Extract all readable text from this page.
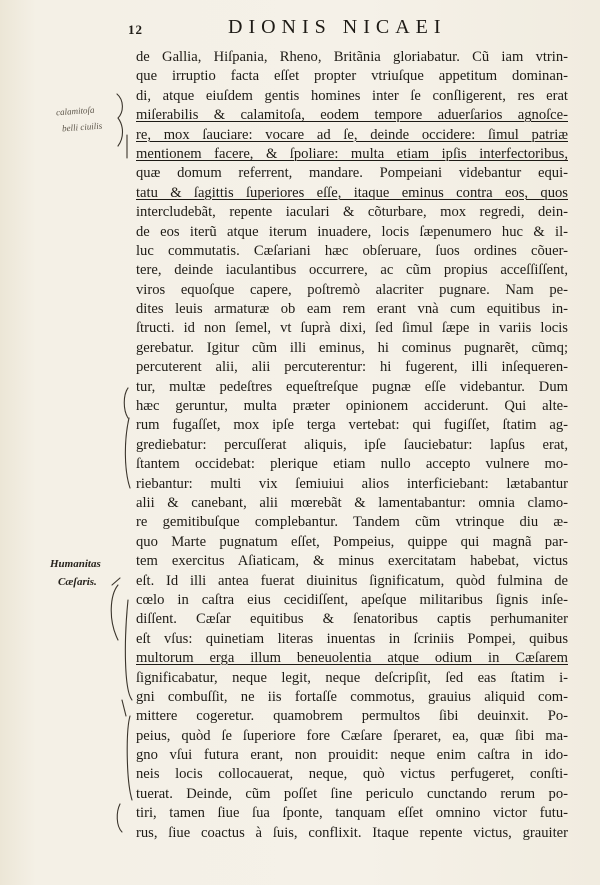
12	DIONIS NICAEI
de Gallia, Hiſpania, Rheno, Britãnia gloriabatur. Cũ iam vtrin-
que irruptio facta eſſet propter vtriuſque appetitum dominan-
di, atque eiuſdem gentis homines inter ſe conſligerent, res erat
miſerabilis & calamitoſa, eodem tempore aduerſarios agnoſce-
re, mox ſauciare: vocare ad ſe, deinde occidere: ſimul patriæ
mentionem facere, & ſpoliare: multa etiam ipſis interfectoribus,
quæ domum referrent, mandare. Pompeiani videbantur equi-
tatu & ſagittis ſuperiores eſſe, itaque eminus contra eos, quos
intercludebãt, repente iaculari & cõturbare, mox regredi, dein-
de eos iterũ atque iterum inuadere, locis ſæpenumero huc & il-
luc commutatis. Cæſariani hæc obſeruare, ſuos ordines cõuer-
tere, deinde iaculantibus occurrere, ac cũm propius acceſſiſſent,
viros equoſque capere, poſtremò alacriter pugnare. Nam pe-
dites leuis armaturæ ob eam rem erant vnà cum equitibus in-
ſtructi. id non ſemel, vt ſuprà dixi, ſed ſimul ſæpe in variis locis
gerebatur. Igitur cũm illi eminus, hi cominus pugnarẽt, cũmq;
percuterent alii, alii percuterentur: hi fugerent, illi inſequeren-
tur, multæ pedeſtres equeſtreſque pugnæ eſſe videbantur. Dum
hæc geruntur, multa præter opinionem acciderunt. Qui alte-
rum fugaſſet, mox ipſe terga vertebat: qui fugiſſet, ſtatim ag-
grediebatur: percuſſerat aliquis, ipſe ſauciebatur: lapſus erat,
ſtantem occidebat: plerique etiam nullo accepto vulnere mo-
riebantur: multi vix ſemiuiui alios interficiebant: lætabantur
alii & canebant, alii mœrebãt & lamentabantur: omnia clamo-
re gemitibuſque complebantur. Tandem cũm vtrinque diu æ-
quo Marte pugnatum eſſet, Pompeius, quippe qui magnã par-
tem exercitus Aſiaticam, & minus exercitatam habebat, victus
eſt. Id illi antea fuerat diuinitus ſignificatum, quòd fulmina de
cœlo in caſtra eius cecidiſſent, apeſque militaribus ſignis inſe-
diſſent. Cæſar equitibus & ſenatoribus captis perhumaniter
eſt vſus: quinetiam literas inuentas in ſcriniis Pompei, quibus
multorum erga illum beneuolentia atque odium in Cæſarem
ſignificabatur, neque legit, neque deſcripſit, ſed eas ſtatim i-
gni combuſſit, ne iis fortaſſe commotus, grauius aliquid com-
mittere cogeretur. quamobrem permultos ſibi deuinxit. Po-
peius, quòd ſe ſuperiore fore Cæſare ſperaret, ea, quæ ſibi ma-
gno vſui futura erant, non prouidit: neque enim caſtra in ido-
neis locis collocauerat, neque, quò victus perfugeret, conſti-
tuerat. Deinde, cũm poſſet ſine periculo cunctando rerum po-
tiri, tamen ſiue ſua ſponte, tanquam eſſet omnino victor futu-
rus, ſiue coactus à ſuis, conflixit. Itaque repente victus, grauiter
calamitoſa
belli ciuilis
Humanitas
Cæſaris.
